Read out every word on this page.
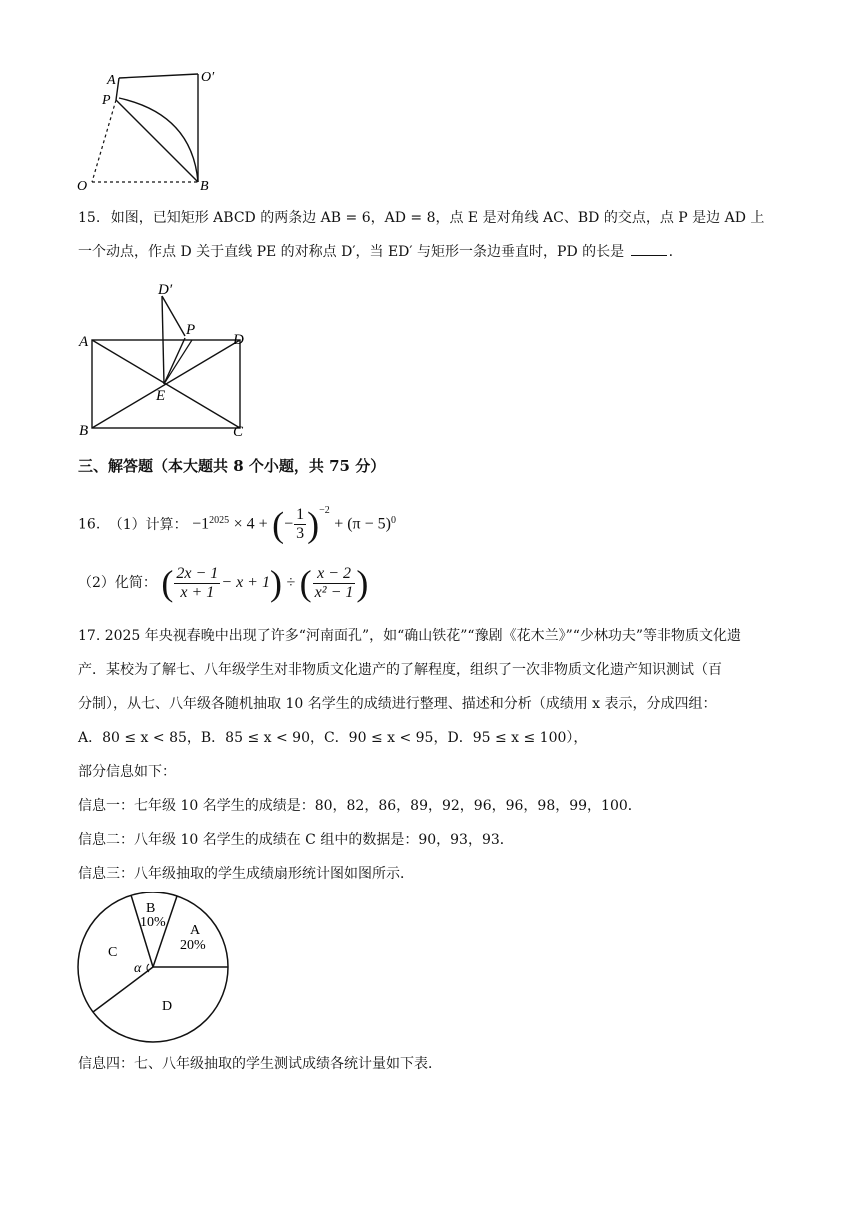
A	O′
P
O	B
15. 如图，已知矩形 ABCD 的两条边 AB = 6，AD = 8，点 E 是对角线 AC、BD 的交点，点 P 是边 AD 上
一个动点，作点 D 关于直线 PE 的对称点 D′，当 ED′ 与矩形一条边垂直时，PD 的长是	.
D′
P
A	D
E
B	C
三、解答题（本大题共 8 个小题，共 75 分）
16. （1）计算： $-1^{2025} \times 4$ + (− $\frac{1}{3} )^{-2} + (\pi - 5)^0$
（2）化简： ( $\frac{2x - 1}{x + 1} - x + 1$) ÷ ( $\frac{x - 2}{\text{x² − 1}}$ )
17. 2025 年央视春晚中出现了许多“河南面孔”，如“确山铁花”“豫剧《花木兰》”“少林功夫”等非物质文化遗
产．某校为了解七、八年级学生对非物质文化遗产的了解程度，组织了一次非物质文化遗产知识测试（百
分制），从七、八年级各随机抽取 10 名学生的成绩进行整理、描述和分析（成绩用 x 表示，分成四组：
A．80 ≤ x < 85，B．85 ≤ x < 90，C．90 ≤ x < 95，D．95 ≤ x ≤ 100），
部分信息如下：
信息一：七年级 10 名学生的成绩是：80，82，86，89，92，96，96，98，99，100．
信息二：八年级 10 名学生的成绩在 C 组中的数据是：90，93，93．
信息三：八年级抽取的学生成绩扇形统计图如图所示．
B
10%
A
20%
C
α
D
信息四：七、八年级抽取的学生测试成绩各统计量如下表．
